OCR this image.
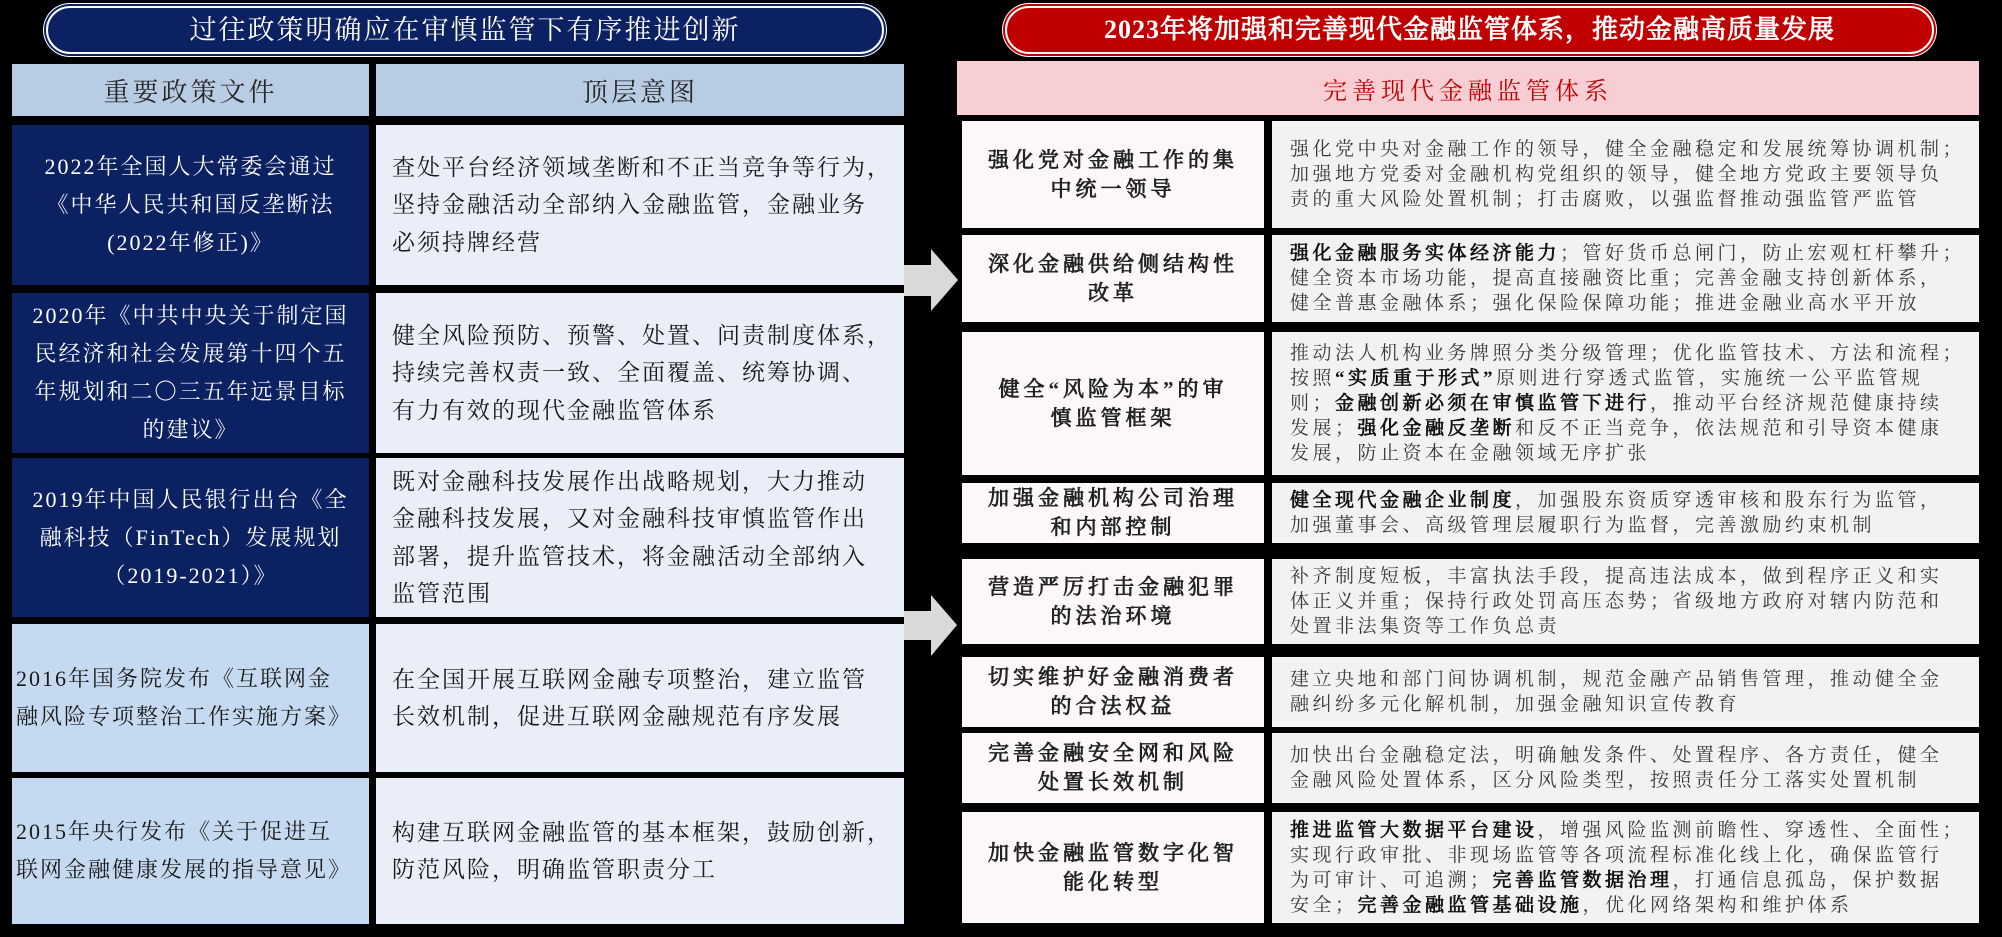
过往政策明确应在审慎监管下有序推进创新
重要政策文件	顶层意图
2022年全国人大常委会通过
《中华人民共和国反垄断法
(2022年修正)》
查处平台经济领域垄断和不正当竞争等行为，
坚持金融活动全部纳入金融监管，金融业务
必须持牌经营
2020年《中共中央关于制定国
民经济和社会发展第十四个五
年规划和二〇三五年远景目标
的建议》
健全风险预防、预警、处置、问责制度体系，
持续完善权责一致、全面覆盖、统筹协调、
有力有效的现代金融监管体系
2019年中国人民银行出台《全
融科技（FinTech）发展规划
（2019-2021）》
既对金融科技发展作出战略规划，大力推动
金融科技发展，又对金融科技审慎监管作出
部署，提升监管技术，将金融活动全部纳入
监管范围
2016年国务院发布《互联网金
融风险专项整治工作实施方案》
在全国开展互联网金融专项整治，建立监管
长效机制，促进互联网金融规范有序发展
2015年央行发布《关于促进互
联网金融健康发展的指导意见》
构建互联网金融监管的基本框架，鼓励创新，
防范风险，明确监管职责分工
2023年将加强和完善现代金融监管体系，推动金融高质量发展
完善现代金融监管体系
强化党对金融工作的集
中统一领导
强化党中央对金融工作的领导，健全金融稳定和发展统筹协调机制；
加强地方党委对金融机构党组织的领导，健全地方党政主要领导负
责的重大风险处置机制；打击腐败，以强监督推动强监管严监管
深化金融供给侧结构性
改革
强化金融服务实体经济能力；管好货币总闸门，防止宏观杠杆攀升；
健全资本市场功能，提高直接融资比重；完善金融支持创新体系，
健全普惠金融体系；强化保险保障功能；推进金融业高水平开放
健全“风险为本”的审
慎监管框架
推动法人机构业务牌照分类分级管理；优化监管技术、方法和流程；
按照“实质重于形式”原则进行穿透式监管，实施统一公平监管规
则；金融创新必须在审慎监管下进行，推动平台经济规范健康持续
发展；强化金融反垄断和反不正当竞争，依法规范和引导资本健康
发展，防止资本在金融领域无序扩张
加强金融机构公司治理
和内部控制
健全现代金融企业制度，加强股东资质穿透审核和股东行为监管，
加强董事会、高级管理层履职行为监督，完善激励约束机制
营造严厉打击金融犯罪
的法治环境
补齐制度短板，丰富执法手段，提高违法成本，做到程序正义和实
体正义并重；保持行政处罚高压态势；省级地方政府对辖内防范和
处置非法集资等工作负总责
切实维护好金融消费者
的合法权益
建立央地和部门间协调机制，规范金融产品销售管理，推动健全金
融纠纷多元化解机制，加强金融知识宣传教育
完善金融安全网和风险
处置长效机制
加快出台金融稳定法，明确触发条件、处置程序、各方责任，健全
金融风险处置体系，区分风险类型，按照责任分工落实处置机制
加快金融监管数字化智
能化转型
推进监管大数据平台建设，增强风险监测前瞻性、穿透性、全面性；
实现行政审批、非现场监管等各项流程标准化线上化，确保监管行
为可审计、可追溯；完善监管数据治理，打通信息孤岛，保护数据
安全；完善金融监管基础设施，优化网络架构和维护体系
